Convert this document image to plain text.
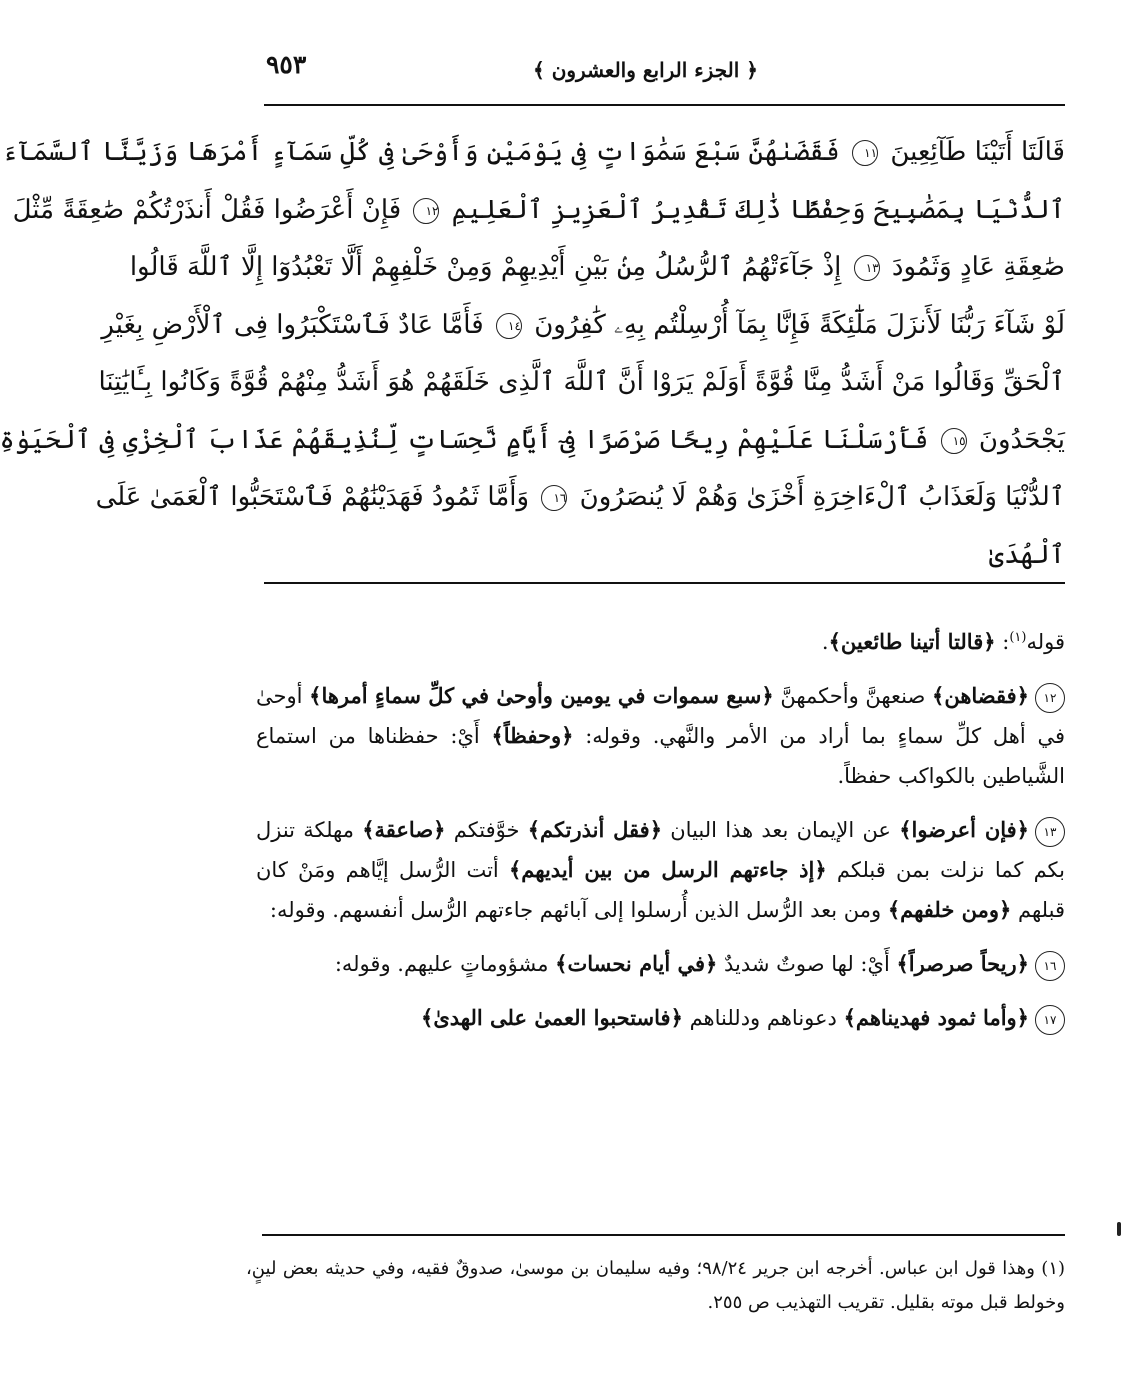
﴿ الجزء الرابع والعشرون ﴾
٩٥٣
قَالَتَا أَتَيْنَا طَآئِعِينَ ١١ فَقَضَىٰهُنَّ سَبْعَ سَمَٰوَاتٍ فِى يَوْمَيْنِ وَأَوْحَىٰ فِى كُلِّ سَمَآءٍ أَمْرَهَا وَزَيَّنَّا ٱلسَّمَآءَ
ٱلدُّنْيَا بِمَصَٰبِيحَ وَحِفْظًا ذَٰلِكَ تَقْدِيرُ ٱلْعَزِيزِ ٱلْعَلِيمِ ١٢ فَإِنْ أَعْرَضُوا فَقُلْ أَنذَرْتُكُمْ صَٰعِقَةً مِّثْلَ
صَٰعِقَةِ عَادٍ وَثَمُودَ ١٣ إِذْ جَآءَتْهُمُ ٱلرُّسُلُ مِنۢ بَيْنِ أَيْدِيهِمْ وَمِنْ خَلْفِهِمْ أَلَّا تَعْبُدُوٓا إِلَّا ٱللَّهَ قَالُوا
لَوْ شَآءَ رَبُّنَا لَأَنزَلَ مَلَٰٓئِكَةً فَإِنَّا بِمَآ أُرْسِلْتُم بِهِۦ كَٰفِرُونَ ١٤ فَأَمَّا عَادٌ فَٱسْتَكْبَرُوا فِى ٱلْأَرْضِ بِغَيْرِ
ٱلْحَقِّ وَقَالُوا مَنْ أَشَدُّ مِنَّا قُوَّةً أَوَلَمْ يَرَوْا أَنَّ ٱللَّهَ ٱلَّذِى خَلَقَهُمْ هُوَ أَشَدُّ مِنْهُمْ قُوَّةً وَكَانُوا بِـَٔايَٰتِنَا
يَجْحَدُونَ ١٥ فَأَرْسَلْنَا عَلَيْهِمْ رِيحًا صَرْصَرًا فِىٓ أَيَّامٍ نَّحِسَاتٍ لِّنُذِيقَهُمْ عَذَابَ ٱلْخِزْىِ فِى ٱلْحَيَوٰةِ
ٱلدُّنْيَا وَلَعَذَابُ ٱلْءَاخِرَةِ أَخْزَىٰ وَهُمْ لَا يُنصَرُونَ ١٦ وَأَمَّا ثَمُودُ فَهَدَيْنَٰهُمْ فَٱسْتَحَبُّوا ٱلْعَمَىٰ عَلَى
ٱلْهُدَىٰ

قوله$^{(١)}$: ﴿قالتا أتينا طائعين﴾.

١٢﴿فقضاهن﴾ صنعهنَّ وأحكمهنَّ ﴿سبع سموات في يومين وأوحىٰ في كلِّ سماءٍ أمرها﴾ أوحىٰ في أهل كلِّ سماءٍ بما أراد من الأمر والنَّهي. وقوله: ﴿وحفظاً﴾ أَيْ: حفظناها من استماع الشَّياطين بالكواكب حفظاً.

١٣﴿فإن أعرضوا﴾ عن الإيمان بعد هذا البيان ﴿فقل أنذرتكم﴾ خوَّفتكم ﴿صاعقة﴾ مهلكة تنزل بكم كما نزلت بمن قبلكم ﴿إذ جاءتهم الرسل من بين أيديهم﴾ أتت الرُّسل إيَّاهم ومَنْ كان قبلهم ﴿ومن خلفهم﴾ ومن بعد الرُّسل الذين أُرسلوا إلى آبائهم جاءتهم الرُّسل أنفسهم. وقوله:

١٦﴿ريحاً صرصراً﴾ أَيْ: لها صوتٌ شديدٌ ﴿في أيام نحسات﴾ مشؤوماتٍ عليهم. وقوله:

١٧﴿وأما ثمود فهديناهم﴾ دعوناهم ودللناهم ﴿فاستحبوا العمىٰ على الهدىٰ﴾

(١) وهذا قول ابن عباس. أخرجه ابن جرير ٩٨/٢٤؛ وفيه سليمان بن موسىٰ، صدوقٌ فقيه، وفي حديثه بعض لينٍ، وخولط قبل موته بقليل. تقريب التهذيب ص ٢٥٥.
